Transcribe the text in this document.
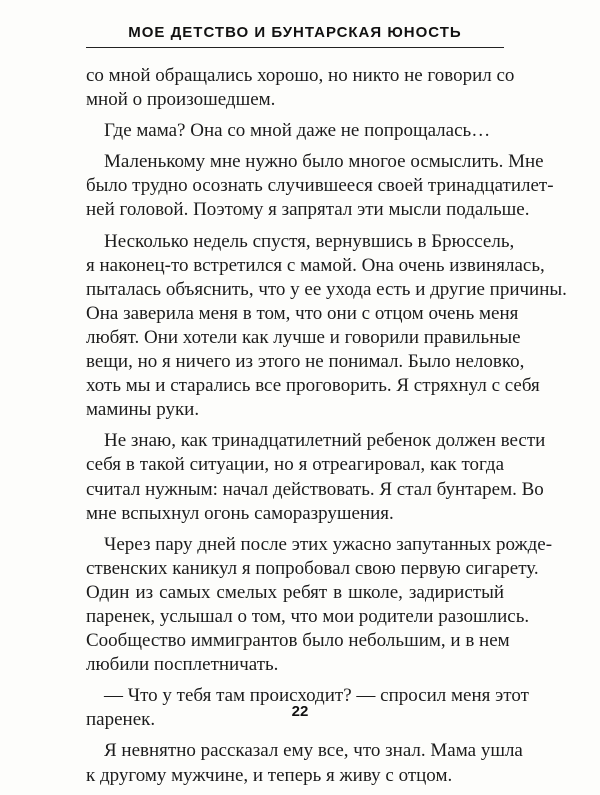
МОЕ ДЕТСТВО И БУНТАРСКАЯ ЮНОСТЬ
со мной обращались хорошо, но никто не говорил со
мной о произошедшем.
Где мама? Она со мной даже не попрощалась…
Маленькому мне нужно было многое осмыслить. Мне
было трудно осознать случившееся своей тринадцатилет-
ней головой. Поэтому я запрятал эти мысли подальше.
Несколько недель спустя, вернувшись в Брюссель,
я наконец-то встретился с мамой. Она очень извинялась,
пыталась объяснить, что у ее ухода есть и другие причины.
Она заверила меня в том, что они с отцом очень меня
любят. Они хотели как лучше и говорили правильные
вещи, но я ничего из этого не понимал. Было неловко,
хоть мы и старались все проговорить. Я стряхнул с себя
мамины руки.
Не знаю, как тринадцатилетний ребенок должен вести
себя в такой ситуации, но я отреагировал, как тогда
считал нужным: начал действовать. Я стал бунтарем. Во
мне вспыхнул огонь саморазрушения.
Через пару дней после этих ужасно запутанных рожде-
ственских каникул я попробовал свою первую сигарету.
Один из самых смелых ребят в школе, задиристый
паренек, услышал о том, что мои родители разошлись.
Сообщество иммигрантов было небольшим, и в нем
любили посплетничать.
— Что у тебя там происходит? — спросил меня этот
паренек.
Я невнятно рассказал ему все, что знал. Мама ушла
к другому мужчине, и теперь я живу с отцом.
22
